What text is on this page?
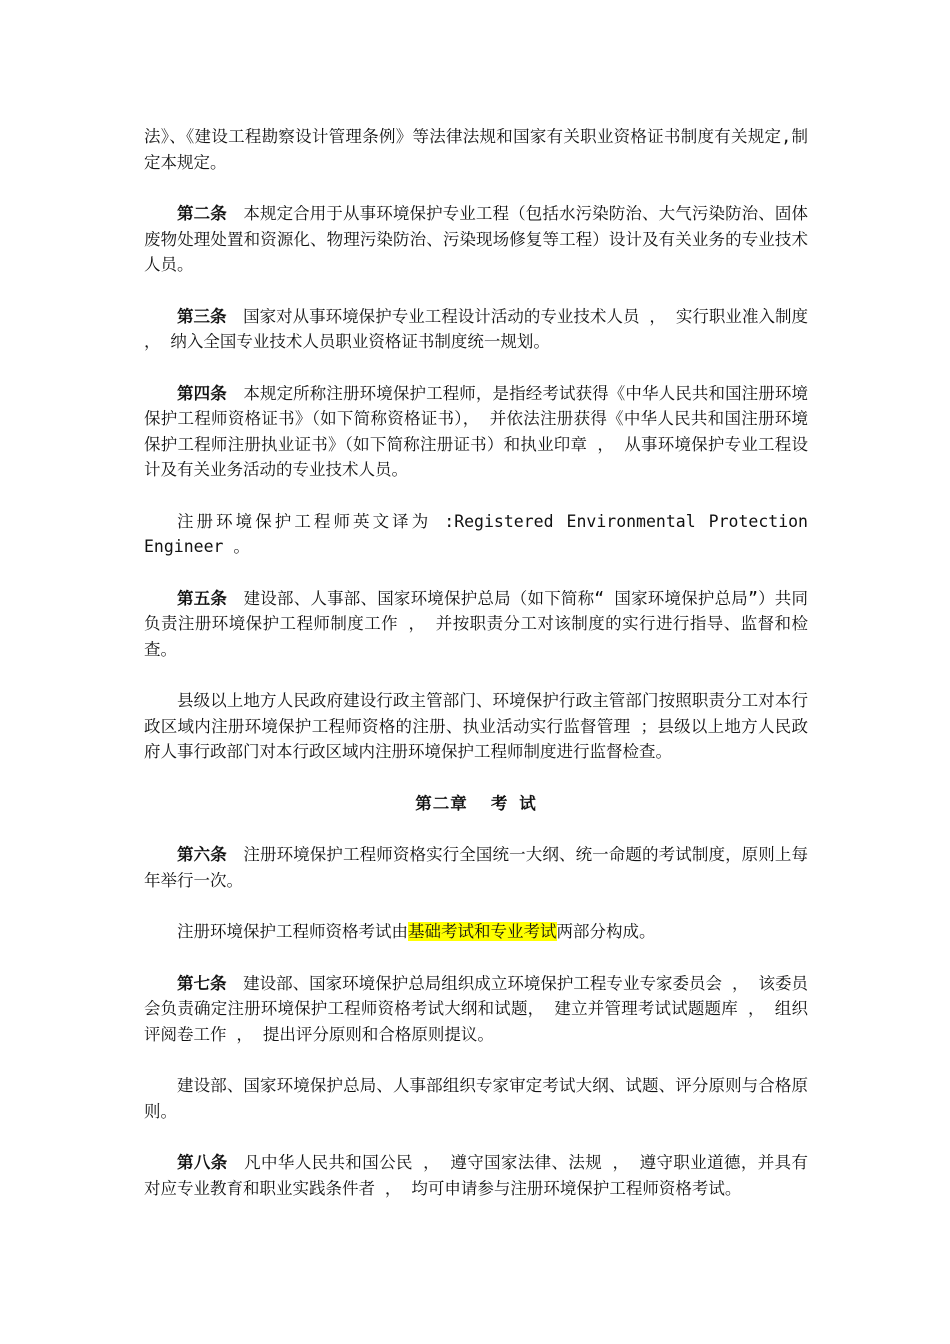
法》、《建设工程勘察设计管理条例》等法律法规和国家有关职业资格证书制度有关规定,制定本规定。

第二条 本规定合用于从事环境保护专业工程（包括水污染防治、大气污染防治、固体废物处理处置和资源化、物理污染防治、污染现场修复等工程）设计及有关业务的专业技术人员。

第三条 国家对从事环境保护专业工程设计活动的专业技术人员 ， 实行职业准入制度 ， 纳入全国专业技术人员职业资格证书制度统一规划。

第四条 本规定所称注册环境保护工程师，是指经考试获得《中华人民共和国注册环境保护工程师资格证书》（如下简称资格证书）， 并依法注册获得《中华人民共和国注册环境保护工程师注册执业证书》（如下简称注册证书）和执业印章 ， 从事环境保护专业工程设计及有关业务活动的专业技术人员。

注册环境保护工程师英文译为 :Registered Environmental Protection Engineer 。

第五条 建设部、人事部、国家环境保护总局（如下简称“ 国家环境保护总局”）共同负责注册环境保护工程师制度工作 ， 并按职责分工对该制度的实行进行指导、监督和检查。

县级以上地方人民政府建设行政主管部门、环境保护行政主管部门按照职责分工对本行政区域内注册环境保护工程师资格的注册、执业活动实行监督管理 ；县级以上地方人民政府人事行政部门对本行政区域内注册环境保护工程师制度进行监督检查。

第二章 考 试

第六条 注册环境保护工程师资格实行全国统一大纲、统一命题的考试制度，原则上每年举行一次。

注册环境保护工程师资格考试由基础考试和专业考试两部分构成。

第七条 建设部、国家环境保护总局组织成立环境保护工程专业专家委员会 ， 该委员会负责确定注册环境保护工程师资格考试大纲和试题， 建立并管理考试试题题库 ， 组织评阅卷工作 ， 提出评分原则和合格原则提议。

建设部、国家环境保护总局、人事部组织专家审定考试大纲、试题、评分原则与合格原则。

第八条 凡中华人民共和国公民 ， 遵守国家法律、法规 ， 遵守职业道德，并具有对应专业教育和职业实践条件者 ， 均可申请参与注册环境保护工程师资格考试。
